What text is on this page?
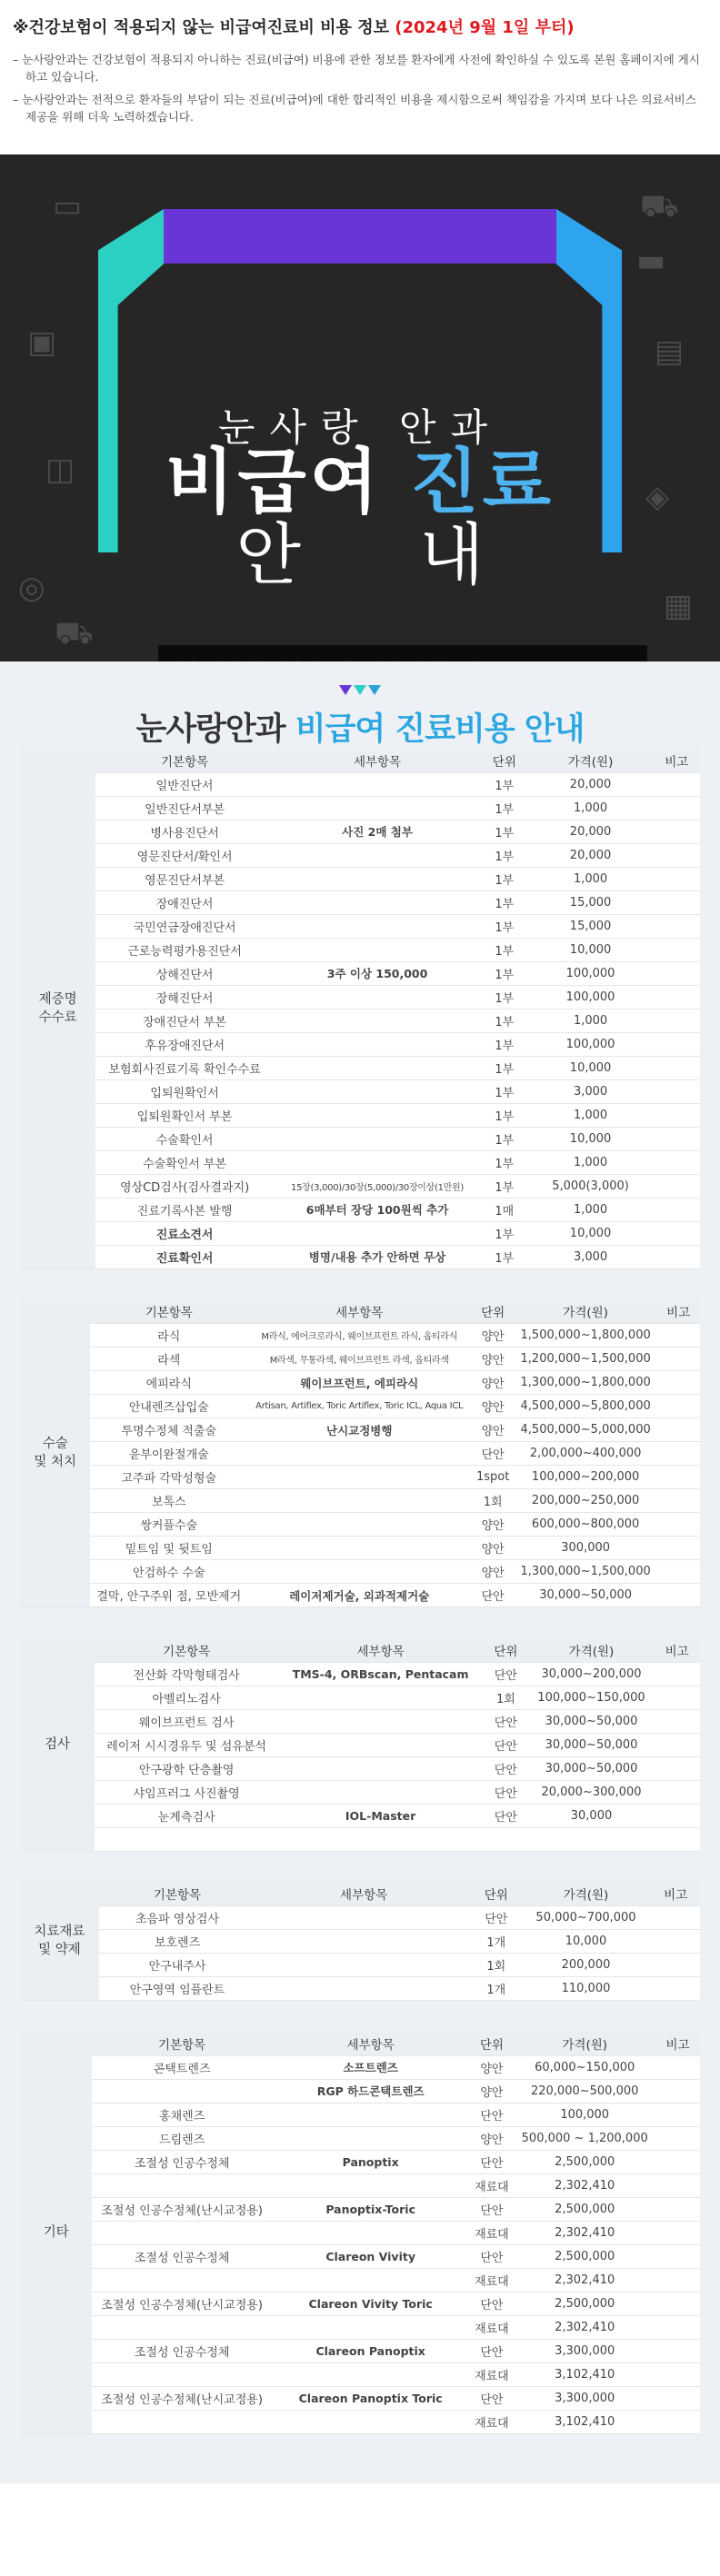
※건강보험이 적용되지 않는 비급여진료비 비용 정보 (2024년 9월 1일 부터)

– 눈사랑안과는 건강보험이 적용되지 아니하는 진료(비급여) 비용에 관한 정보를 환자에게 사전에 확인하실 수 있도록 본원 홈페이지에 게시하고 있습니다.

– 눈사랑안과는 전적으로 환자들의 부담이 되는 진료(비급여)에 대한 합리적인 비용을 제시함으로써 책임감을 가지며 보다 나은 의료서비스 제공을 위해 더욱 노력하겠습니다.

▭	⛟
▣	▤
◫
◈
◎	▦
⛟
▬
눈사랑 안과
비급여 진료
안내

눈사랑안과 비급여 진료비용 안내
제증명
수수료	기본항목	세부항목	단위	가격(원)	비고
	일반진단서		1부	20,000	
	일반진단서부본		1부	1,000	
	병사용진단서	사진 2매 첨부	1부	20,000	
	영문진단서/확인서		1부	20,000	
	영문진단서부본		1부	1,000	
	장애진단서		1부	15,000	
	국민연금장애진단서		1부	15,000	
	근로능력평가용진단서		1부	10,000	
	상해진단서	3주 이상 150,000	1부	100,000	
	장해진단서		1부	100,000	
	장애진단서 부본		1부	1,000	
	후유장애진단서		1부	100,000	
	보험회사진료기록 확인수수료		1부	10,000	
	입퇴원확인서		1부	3,000	
	입퇴원확인서 부본		1부	1,000	
	수술확인서		1부	10,000	
	수술확인서 부본		1부	1,000	
	영상CD검사(검사결과지)	15장(3,000)/30장(5,000)/30장이상(1만원)	1부	5,000(3,000)	
	진료기록사본 발행	6매부터 장당 100원씩 추가	1매	1,000	
	진료소견서		1부	10,000	
	진료확인서	병명/내용 추가 안하면 무상	1부	3,000	
수술
및 처치	기본항목	세부항목	단위	가격(원)	비고
	라식	M라식, 에어크로라식, 웨이브프런트 라식, 옵티라식	양안	1,500,000~1,800,000	
	라섹	M라섹, 무통라섹, 웨이브프런트 라섹, 옵티라섹	양안	1,200,000~1,500,000	
	에피라식	웨이브프런트, 에피라식	양안	1,300,000~1,800,000	
	안내렌즈삽입술	Artisan, Artiflex, Toric Artiflex, Toric ICL, Aqua ICL	양안	4,500,000~5,800,000	
	투명수정체 적출술	난시교정병행	양안	4,500,000~5,000,000	
	윤부이완절개술		단안	2,00,000~400,000	
	고주파 각막성형술		1spot	100,000~200,000	
	보톡스		1회	200,000~250,000	
	쌍커플수술		양안	600,000~800,000	
	밑트임 및 뒷트임		양안	300,000	
	안검하수 수술		양안	1,300,000~1,500,000	
	결막, 안구주위 점, 모반제거	레이저제거술, 외과적제거술	단안	30,000~50,000	
검사	기본항목	세부항목	단위	가격(원)	비고
	전산화 각막형태검사	TMS-4, ORBscan, Pentacam	단안	30,000~200,000	
	아벨리노검사		1회	100,000~150,000	
	웨이브프런트 검사		단안	30,000~50,000	
	레이저 시시경유두 및 섬유분석		단안	30,000~50,000	
	안구광학 단층촬영		단안	30,000~50,000	
	샤임프러그 사진촬영		단안	20,000~300,000	
	눈계측검사	IOL-Master	단안	30,000	

치료재료
및 약제	기본항목	세부항목	단위	가격(원)	비고
	초음파 영상검사		단안	50,000~700,000	
	보호렌즈		1개	10,000	
	안구내주사		1회	200,000	
	안구영역 임플란트		1개	110,000	
기타	기본항목	세부항목	단위	가격(원)	비고
	콘택트렌즈	소프트렌즈	양안	60,000~150,000	
		RGP 하드콘택트렌즈	양안	220,000~500,000	
	홍채렌즈		단안	100,000	
	드림렌즈		양안	500,000 ~ 1,200,000	
	조절성 인공수정체	Panoptix	단안	2,500,000	
			재료대	2,302,410	
	조절성 인공수정체(난시교정용)	Panoptix-Toric	단안	2,500,000	
			재료대	2,302,410	
	조절성 인공수정체	Clareon Vivity	단안	2,500,000	
			재료대	2,302,410	
	조절성 인공수정체(난시교정용)	Clareon Vivity Toric	단안	2,500,000	
			재료대	2,302,410	
	조절성 인공수정체	Clareon Panoptix	단안	3,300,000	
			재료대	3,102,410	
	조절성 인공수정체(난시교정용)	Clareon Panoptix Toric	단안	3,300,000	
			재료대	3,102,410	
